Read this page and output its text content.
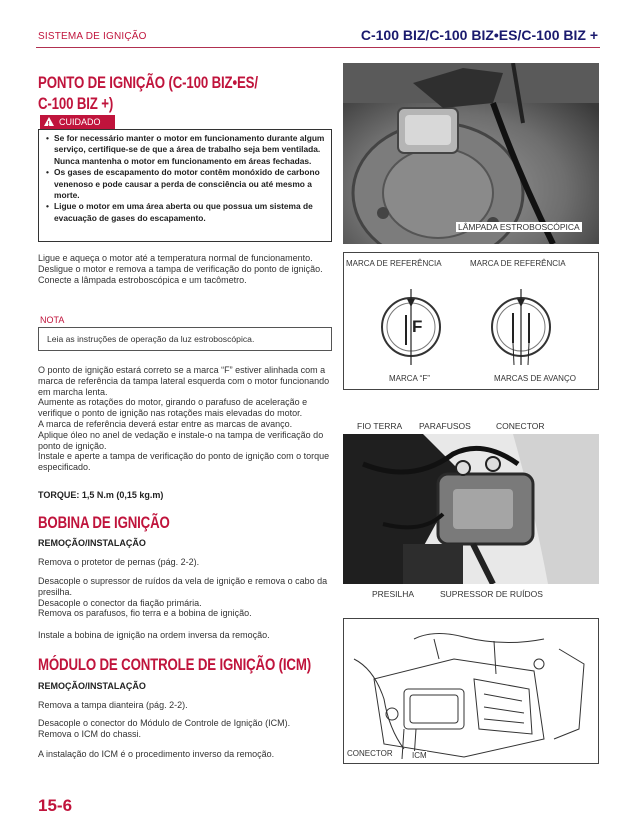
SISTEMA DE IGNIÇÃO	C-100 BIZ/C-100 BIZ•ES/C-100 BIZ +
PONTO DE IGNIÇÃO (C-100 BIZ•ES/
C-100 BIZ +)
! CUIDADO
• Se for necessário manter o motor em funcionamento durante algum serviço, certifique-se de que a área de trabalho seja bem ventilada. Nunca mantenha o motor em funcionamento em áreas fechadas.
• Os gases de escapamento do motor contêm monóxido de carbono venenoso e pode causar a perda de consciência ou até mesmo a morte.
• Ligue o motor em uma área aberta ou que possua um sistema de evacuação de gases do escapamento.
Ligue e aqueça o motor até a temperatura normal de funcionamento.
Desligue o motor e remova a tampa de verificação do ponto de ignição.
Conecte a lâmpada estroboscópica e um tacômetro.
NOTA
Leia as instruções de operação da luz estroboscópica.
O ponto de ignição estará correto se a marca “F” estiver alinhada com a marca de referência da tampa lateral esquerda com o motor funcionando em marcha lenta.
Aumente as rotações do motor, girando o parafuso de aceleração e verifique o ponto de ignição nas rotações mais elevadas do motor.
A marca de referência deverá estar entre as marcas de avanço.
Aplique óleo no anel de vedação e instale-o na tampa de verificação do ponto de ignição.
Instale e aperte a tampa de verificação do ponto de ignição com o torque especificado.
TORQUE: 1,5 N.m (0,15 kg.m)
BOBINA DE IGNIÇÃO
REMOÇÃO/INSTALAÇÃO
Remova o protetor de pernas (pág. 2-2).
Desacople o supressor de ruídos da vela de ignição e remova o cabo da presilha.
Desacople o conector da fiação primária.
Remova os parafusos, fio terra e a bobina de ignição.
Instale a bobina de ignição na ordem inversa da remoção.
MÓDULO DE CONTROLE DE IGNIÇÃO (ICM)
REMOÇÃO/INSTALAÇÃO
Remova a tampa dianteira (pág. 2-2).
Desacople o conector do Módulo de Controle de Ignição (ICM).
Remova o ICM do chassi.
A instalação do ICM é o procedimento inverso da remoção.
LÂMPADA ESTROBOSCÓPICA
F
MARCA DE REFERÊNCIA	MARCA DE REFERÊNCIA
MARCA “F”	MARCAS DE AVANÇO
FIO TERRA PARAFUSOS	CONECTOR
PRESILHA	SUPRESSOR DE RUÍDOS
CONECTOR ICM
15-6
